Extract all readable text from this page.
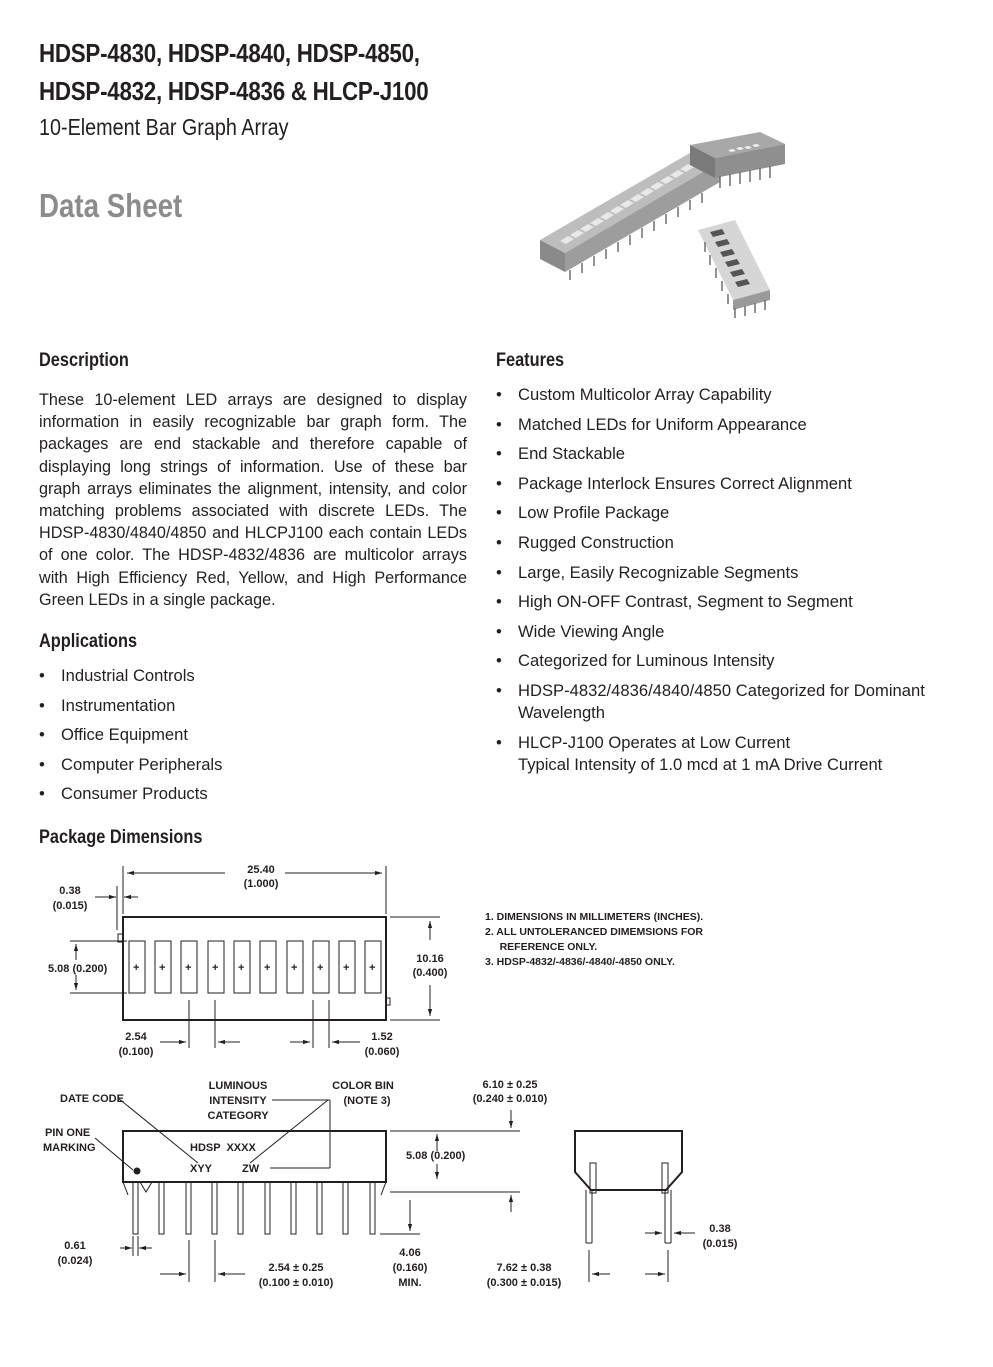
HDSP-4830, HDSP-4840, HDSP-4850,
HDSP-4832, HDSP-4836 & HLCP-J100
10-Element Bar Graph Array
Data Sheet
Description
These 10-element LED arrays are designed to display information in easily recognizable bar graph form. The packages are end stackable and therefore capable of displaying long strings of information. Use of these bar graph arrays eliminates the alignment, intensity, and color matching problems associated with discrete LEDs. The HDSP-4830/4840/4850 and HLCPJ100 each contain LEDs of one color. The HDSP-4832/4836 are multicolor arrays with High Efficiency Red, Yellow, and High Performance Green LEDs in a single package.
Features
• Custom Multicolor Array Capability
• Matched LEDs for Uniform Appearance
• End Stackable
• Package Interlock Ensures Correct Alignment
• Low Profile Package
• Rugged Construction
• Large, Easily Recognizable Segments
• High ON-OFF Contrast, Segment to Segment
• Wide Viewing Angle
• Categorized for Luminous Intensity
• HDSP-4832/4836/4840/4850 Categorized for Dominant Wavelength
• HLCP-J100 Operates at Low Current
Typical Intensity of 1.0 mcd at 1 mA Drive Current
Applications
• Industrial Controls
• Instrumentation
• Office Equipment
• Computer Peripherals
• Consumer Products
Package Dimensions
+ + + + + + + + + +
25.40
(1.000)
0.38
(0.015)
5.08 (0.200)
10.16
(0.400)
2.54
(0.100)
1.52
(0.060)
1. DIMENSIONS IN MILLIMETERS (INCHES).
2. ALL UNTOLERANCED DIMEMSIONS FOR
REFERENCE ONLY.
3. HDSP-4832/-4836/-4840/-4850 ONLY.
DATE CODE
LUMINOUS
INTENSITY
CATEGORY
COLOR BIN
(NOTE 3)
PIN ONE
MARKING	HDSP  XXXX
XYY	ZW
6.10 ± 0.25
(0.240 ± 0.010)
5.08 (0.200)
0.61
(0.024)
2.54 ± 0.25
(0.100 ± 0.010)
4.06
(0.160)
MIN.
7.62 ± 0.38
(0.300 ± 0.015)
0.38
(0.015)
